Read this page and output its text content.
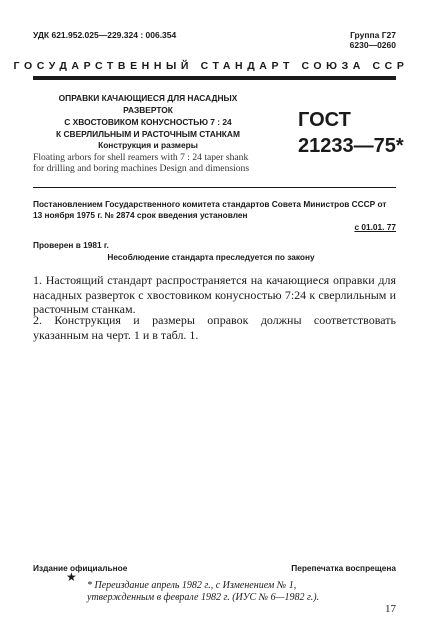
УДК 621.952.025—229.324 : 006.354	Группа Г27
6230—0260
ГОСУДАРСТВЕННЫЙ СТАНДАРТ СОЮЗА ССР
ОПРАВКИ КАЧАЮЩИЕСЯ ДЛЯ НАСАДНЫХ РАЗВЕРТОК
С ХВОСТОВИКОМ КОНУСНОСТЬЮ 7 : 24
К СВЕРЛИЛЬНЫМ И РАСТОЧНЫМ СТАНКАМ
Конструкция и размеры
Floating arbors for shell reamers with 7 : 24 taper shank
for drilling and boring machines Design and dimensions
ГОСТ
21233—75*
Постановлением Государственного комитета стандартов Совета Министров СССР от 13 ноября 1975 г. № 2874 срок введения установлен
с 01.01. 77
Проверен в 1981 г.
Несоблюдение стандарта преследуется по закону
1. Настоящий стандарт распространяется на качающиеся оправки для насадных разверток с хвостовиком конусностью 7:24 к сверлильным и расточным станкам.
2. Конструкция и размеры оправок должны соответствовать указанным на черт. 1 и в табл. 1.
Издание официальное	Перепечатка воспрещена
★
* Переиздание апрель 1982 г., с Изменением № 1,
утвержденным в феврале 1982 г. (ИУС № 6—1982 г.).
17
